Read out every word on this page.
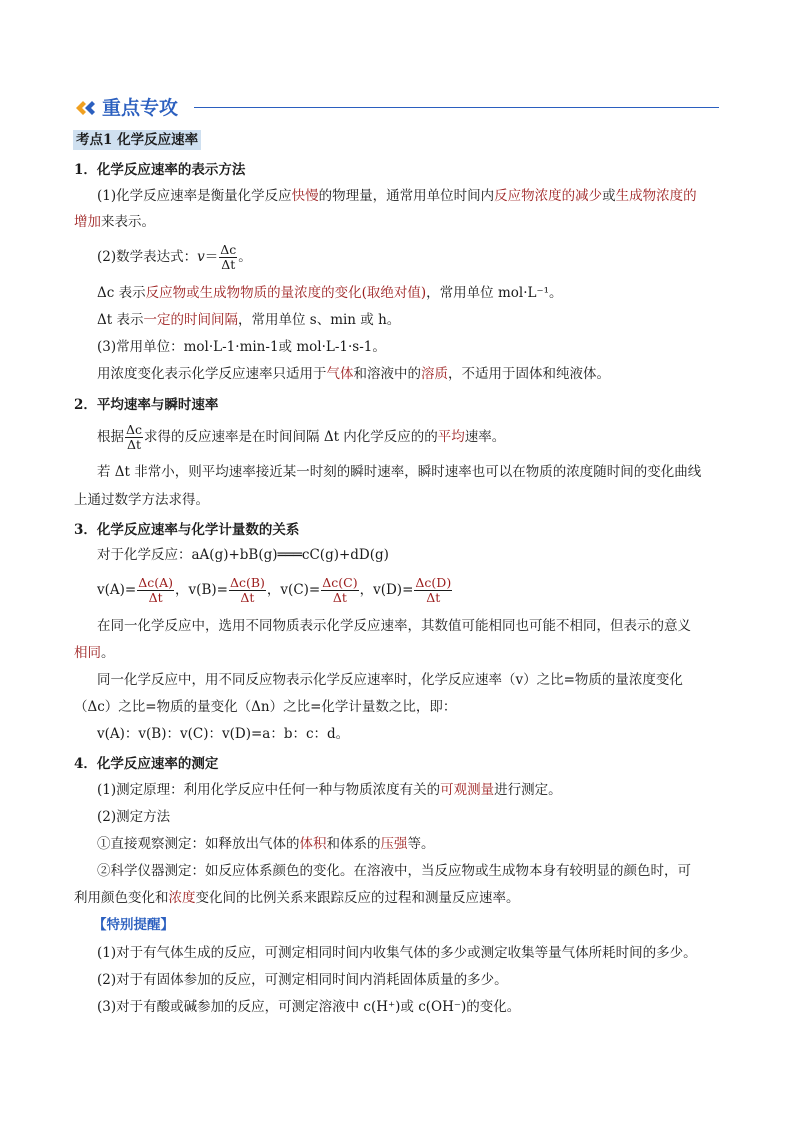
重点专攻
考点1 化学反应速率
1．化学反应速率的表示方法
(1)化学反应速率是衡量化学反应快慢的物理量，通常用单位时间内反应物浓度的减少或生成物浓度的
增加来表示。
(2)数学表达式：$v= \frac{\Delta c}{\Delta t}$ 。
Δc 表示反应物或生成物物质的量浓度的变化(取绝对值)，常用单位 mol·L⁻¹。
Δt 表示一定的时间间隔，常用单位 s、min 或 h。
(3)常用单位：mol·L-1·min-1或 mol·L-1·s-1。
用浓度变化表示化学反应速率只适用于气体和溶液中的溶质，不适用于固体和纯液体。
2．平均速率与瞬时速率
根据 $\frac{\Delta c}{\Delta t}$ 求得的反应速率是在时间间隔 Δt 内化学反应的的平均速率。
若 Δt 非常小，则平均速率接近某一时刻的瞬时速率，瞬时速率也可以在物质的浓度随时间的变化曲线
上通过数学方法求得。
3．化学反应速率与化学计量数的关系
对于化学反应：aA(g)+bB(g)═══cC(g)+dD(g)
$v(A)= \frac{\Delta c(A)}{\Delta t}$ ，$v(B)= \frac{\Delta c(B)}{\Delta t}$ ，$v(C)= \frac{\Delta c(C)}{\Delta t}$ ，$v(D)= \frac{\Delta c(D)}{\Delta t}$
在同一化学反应中，选用不同物质表示化学反应速率，其数值可能相同也可能不相同，但表示的意义
相同。
同一化学反应中，用不同反应物表示化学反应速率时，化学反应速率（v）之比=物质的量浓度变化
（Δc）之比=物质的量变化（Δn）之比=化学计量数之比，即：
v(A)：v(B)：v(C)：v(D)=a：b：c：d。
4．化学反应速率的测定
(1)测定原理：利用化学反应中任何一种与物质浓度有关的可观测量进行测定。
(2)测定方法
①直接观察测定：如释放出气体的体积和体系的压强等。
②科学仪器测定：如反应体系颜色的变化。在溶液中，当反应物或生成物本身有较明显的颜色时，可
利用颜色变化和浓度变化间的比例关系来跟踪反应的过程和测量反应速率。
【特别提醒】
(1)对于有气体生成的反应，可测定相同时间内收集气体的多少或测定收集等量气体所耗时间的多少。
(2)对于有固体参加的反应，可测定相同时间内消耗固体质量的多少。
(3)对于有酸或碱参加的反应，可测定溶液中 c(H⁺)或 c(OH⁻)的变化。
